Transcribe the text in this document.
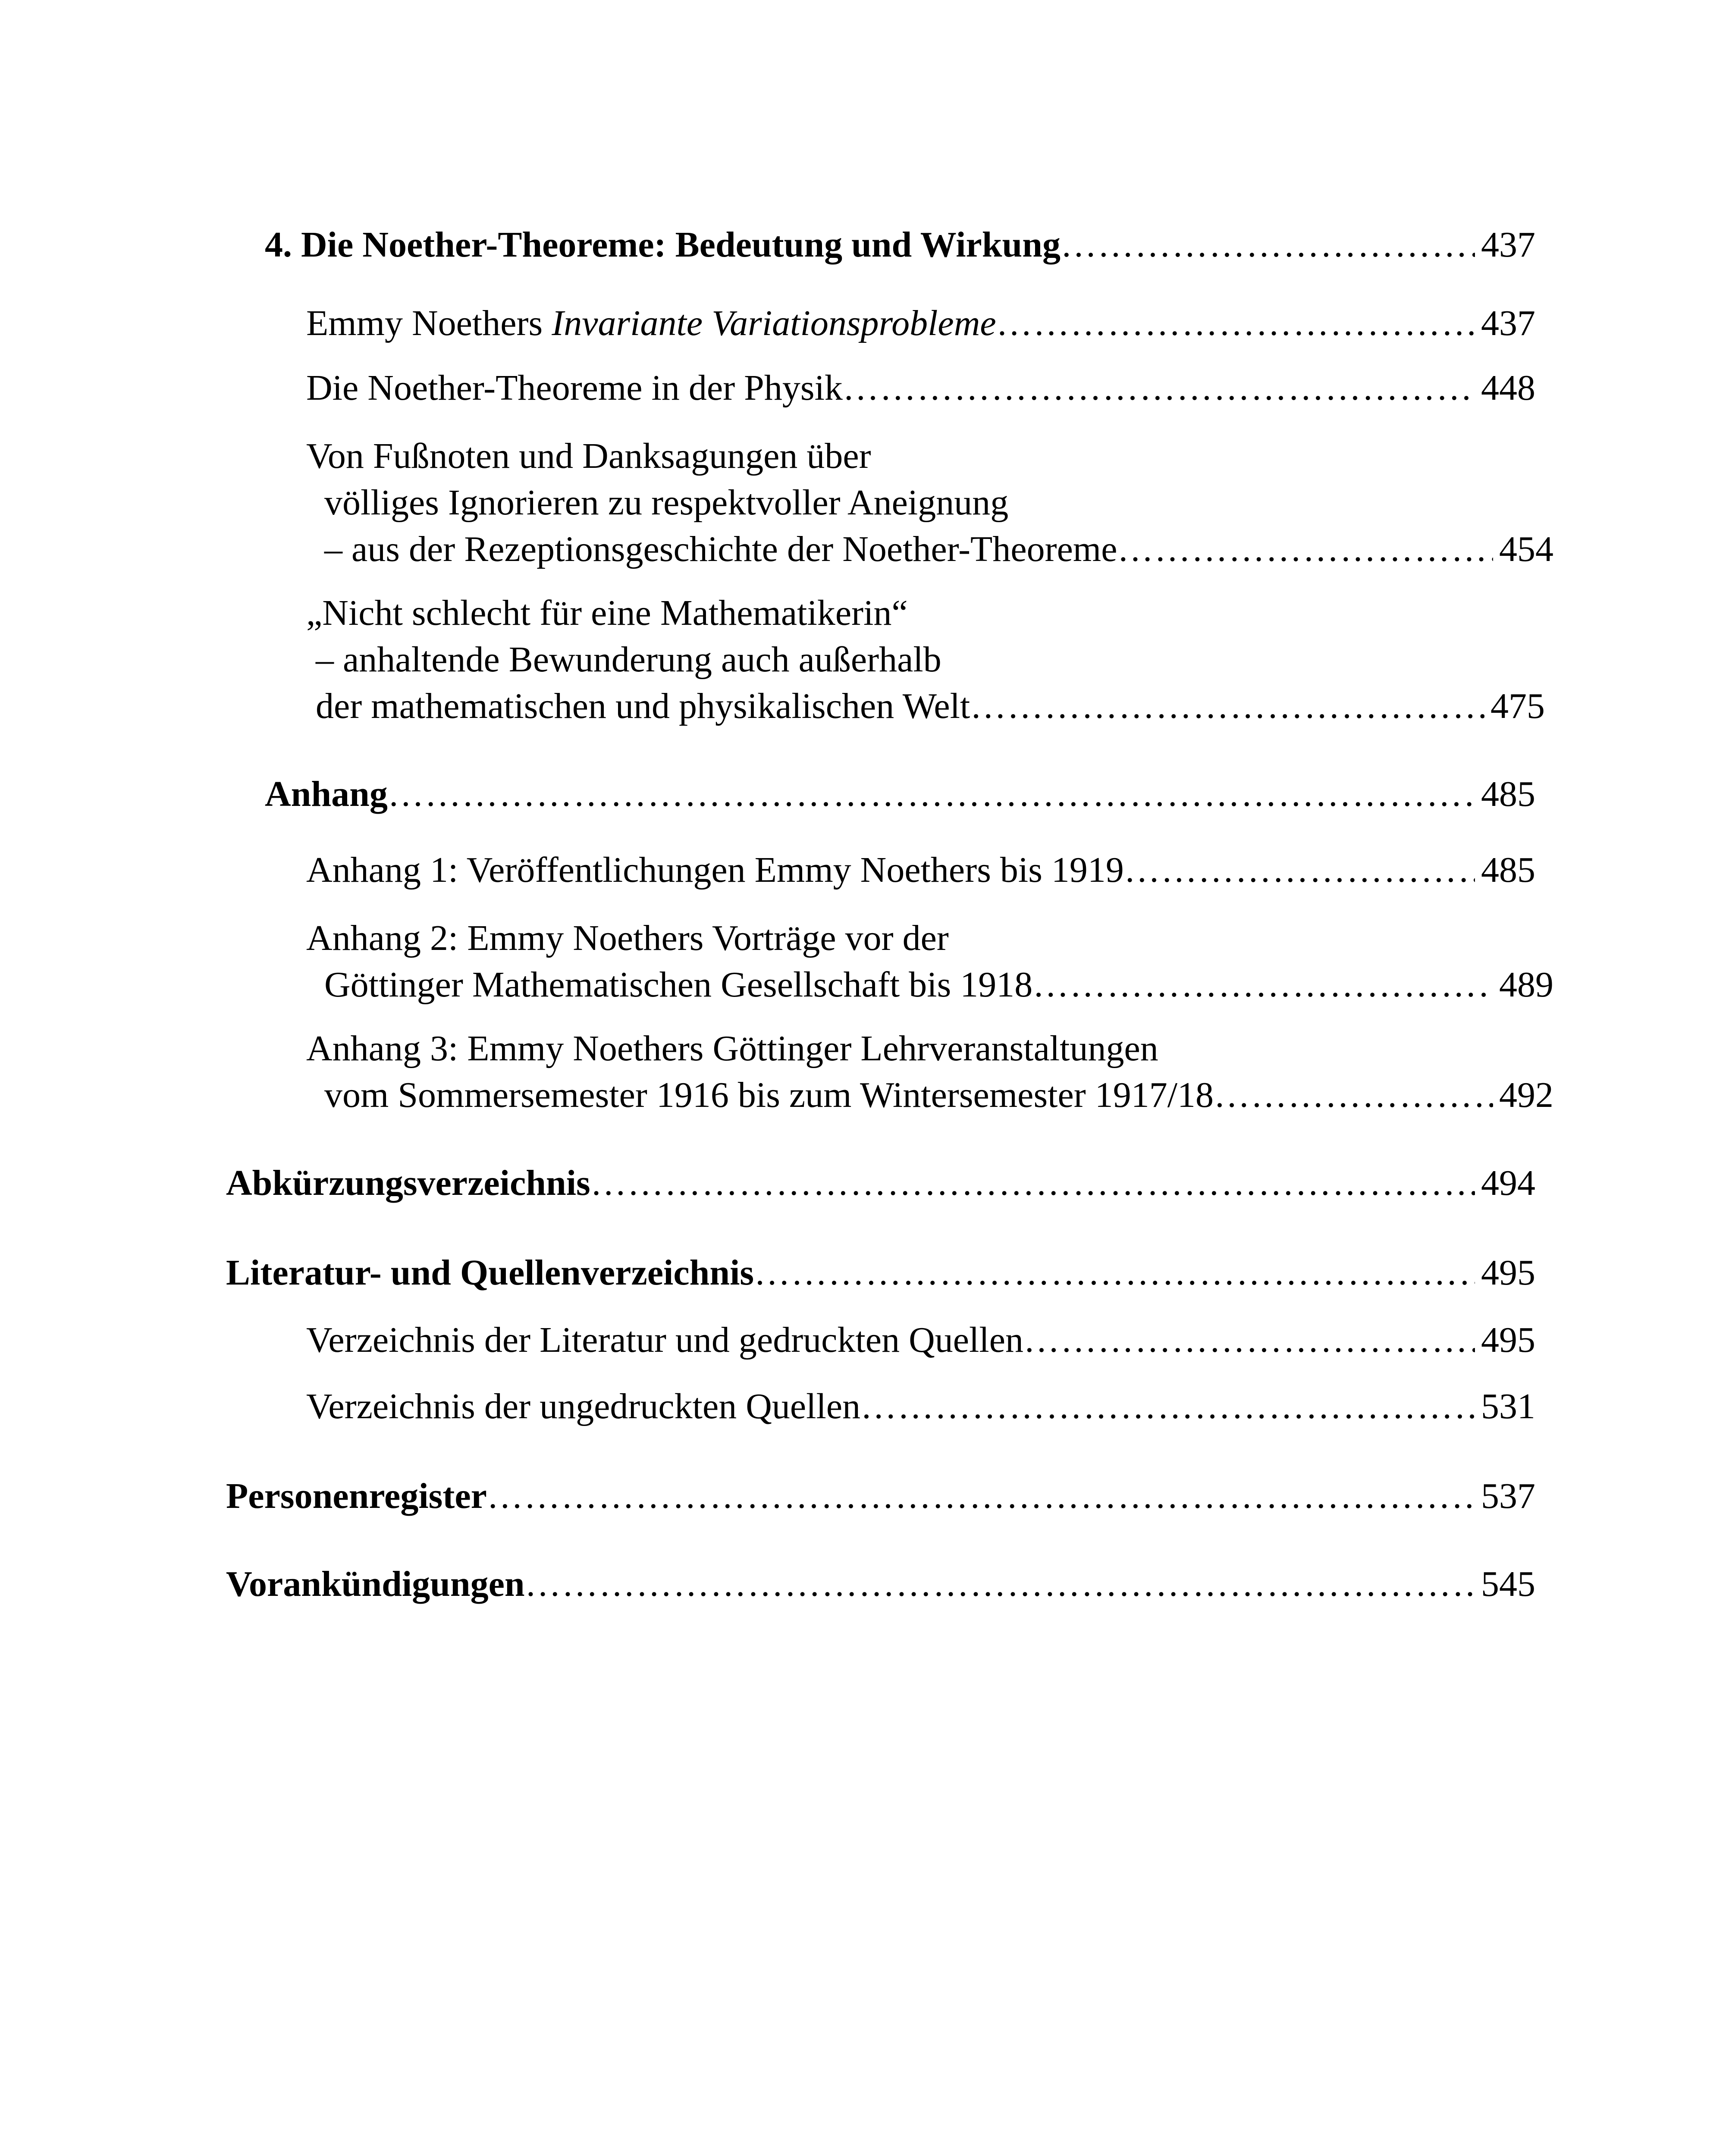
4. Die Noether-Theoreme: Bedeutung und Wirkung ………………………………………………………………………………………………………………………………………………………………………………………………………………………………………………	437
Emmy Noethers Invariante Variationsprobleme ………………………………………………………………………………………………………………………………………………………………………………………………………………………………………………	437
Die Noether-Theoreme in der Physik ………………………………………………………………………………………………………………………………………………………………………………………………………………………………………………	448
Von Fußnoten und Danksagungen über
völliges Ignorieren zu respektvoller Aneignung
– aus der Rezeptionsgeschichte der Noether-Theoreme ………………………………………………………………………………………………………………………………………………………………………………………………………………………………………………	454
„Nicht schlecht für eine Mathematikerin“
– anhaltende Bewunderung auch außerhalb
der mathematischen und physikalischen Welt ………………………………………………………………………………………………………………………………………………………………………………………………………………………………………………	475
Anhang ………………………………………………………………………………………………………………………………………………………………………………………………………………………………………………	485
Anhang 1: Veröffentlichungen Emmy Noethers bis 1919 ………………………………………………………………………………………………………………………………………………………………………………………………………………………………………………	485
Anhang 2: Emmy Noethers Vorträge vor der
Göttinger Mathematischen Gesellschaft bis 1918 ………………………………………………………………………………………………………………………………………………………………………………………………………………………………………………	489
Anhang 3: Emmy Noethers Göttinger Lehrveranstaltungen
vom Sommersemester 1916 bis zum Wintersemester 1917/18 ………………………………………………………………………………………………………………………………………………………………………………………………………………………………………………	492
Abkürzungsverzeichnis ………………………………………………………………………………………………………………………………………………………………………………………………………………………………………………	494
Literatur- und Quellenverzeichnis ………………………………………………………………………………………………………………………………………………………………………………………………………………………………………………	495
Verzeichnis der Literatur und gedruckten Quellen ………………………………………………………………………………………………………………………………………………………………………………………………………………………………………………	495
Verzeichnis der ungedruckten Quellen ………………………………………………………………………………………………………………………………………………………………………………………………………………………………………………	531
Personenregister ………………………………………………………………………………………………………………………………………………………………………………………………………………………………………………	537
Vorankündigungen ………………………………………………………………………………………………………………………………………………………………………………………………………………………………………………	545
